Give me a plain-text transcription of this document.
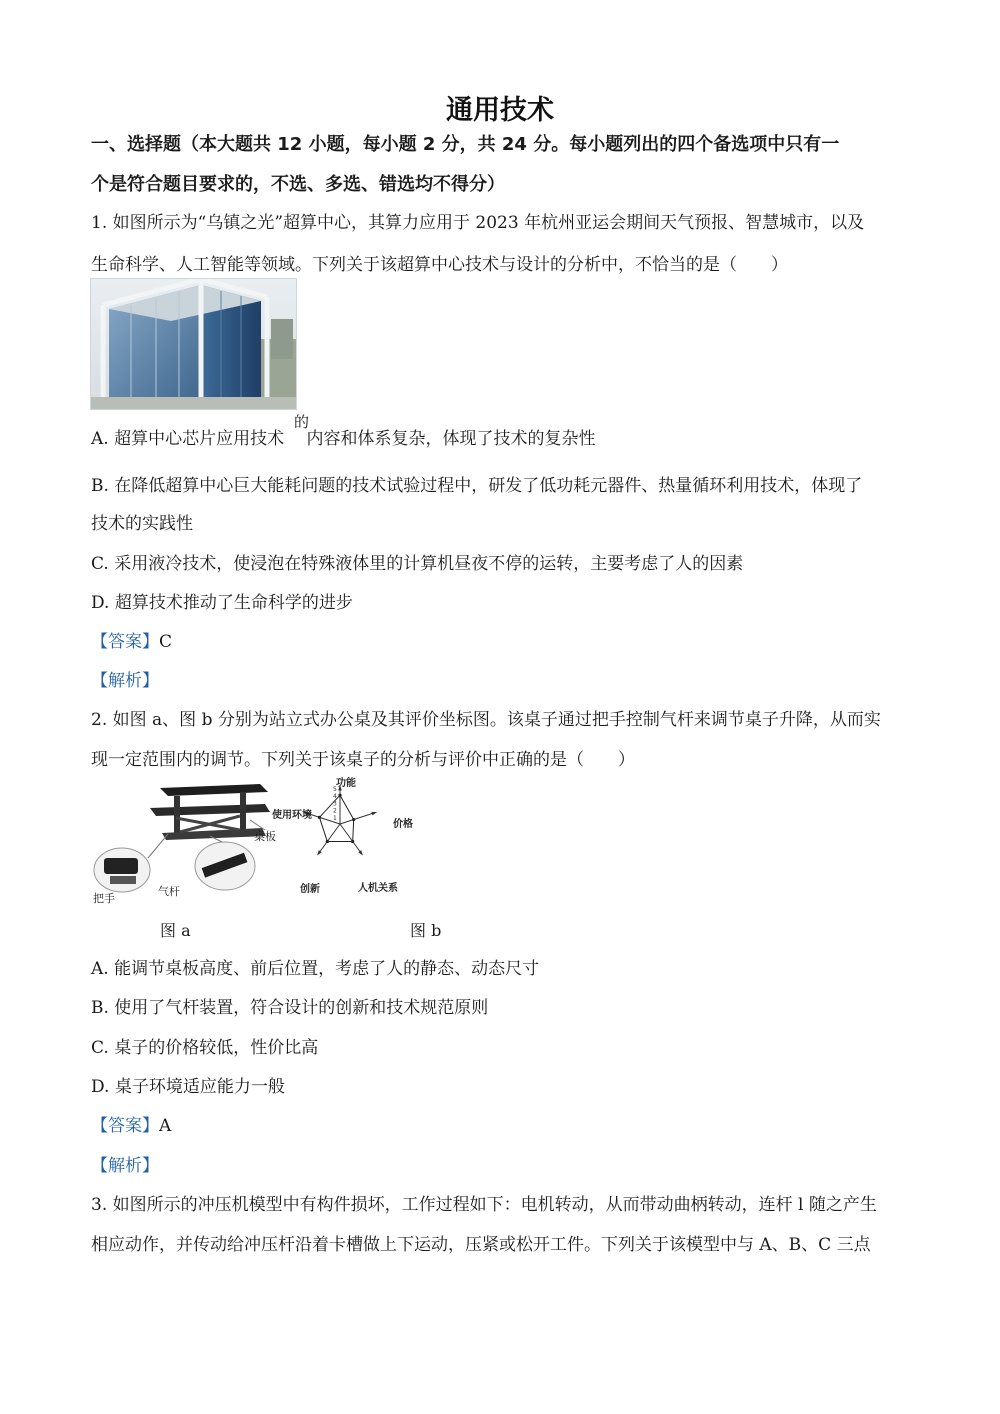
通用技术
一、选择题（本大题共 12 小题，每小题 2 分，共 24 分。每小题列出的四个备选项中只有一
个是符合题目要求的，不选、多选、错选均不得分）
1. 如图所示为“乌镇之光”超算中心，其算力应用于 2023 年杭州亚运会期间天气预报、智慧城市，以及
生命科学、人工智能等领域。下列关于该超算中心技术与设计的分析中，不恰当的是（　　）
的
A. 超算中心芯片应用技术　 内容和体系复杂，体现了技术的复杂性
B. 在降低超算中心巨大能耗问题的技术试验过程中，研发了低功耗元器件、热量循环利用技术，体现了
技术的实践性
C. 采用液冷技术，使浸泡在特殊液体里的计算机昼夜不停的运转，主要考虑了人的因素
D. 超算技术推动了生命科学的进步
【答案】C
【解析】
2. 如图 a、图 b 分别为站立式办公桌及其评价坐标图。该桌子通过把手控制气杆来调节桌子升降，从而实
现一定范围内的调节。下列关于该桌子的分析与评价中正确的是（　　）
桌板
把手
气杆
图 a
1
2
3
4
5
功能
价格
人机关系
创新
使用环境
图 b
A. 能调节桌板高度、前后位置，考虑了人的静态、动态尺寸
B. 使用了气杆装置，符合设计的创新和技术规范原则
C. 桌子的价格较低，性价比高
D. 桌子环境适应能力一般
【答案】A
【解析】
3. 如图所示的冲压机模型中有构件损坏，工作过程如下：电机转动，从而带动曲柄转动，连杆 l 随之产生
相应动作，并传动给冲压杆沿着卡槽做上下运动，压紧或松开工件。下列关于该模型中与 A、B、C 三点
